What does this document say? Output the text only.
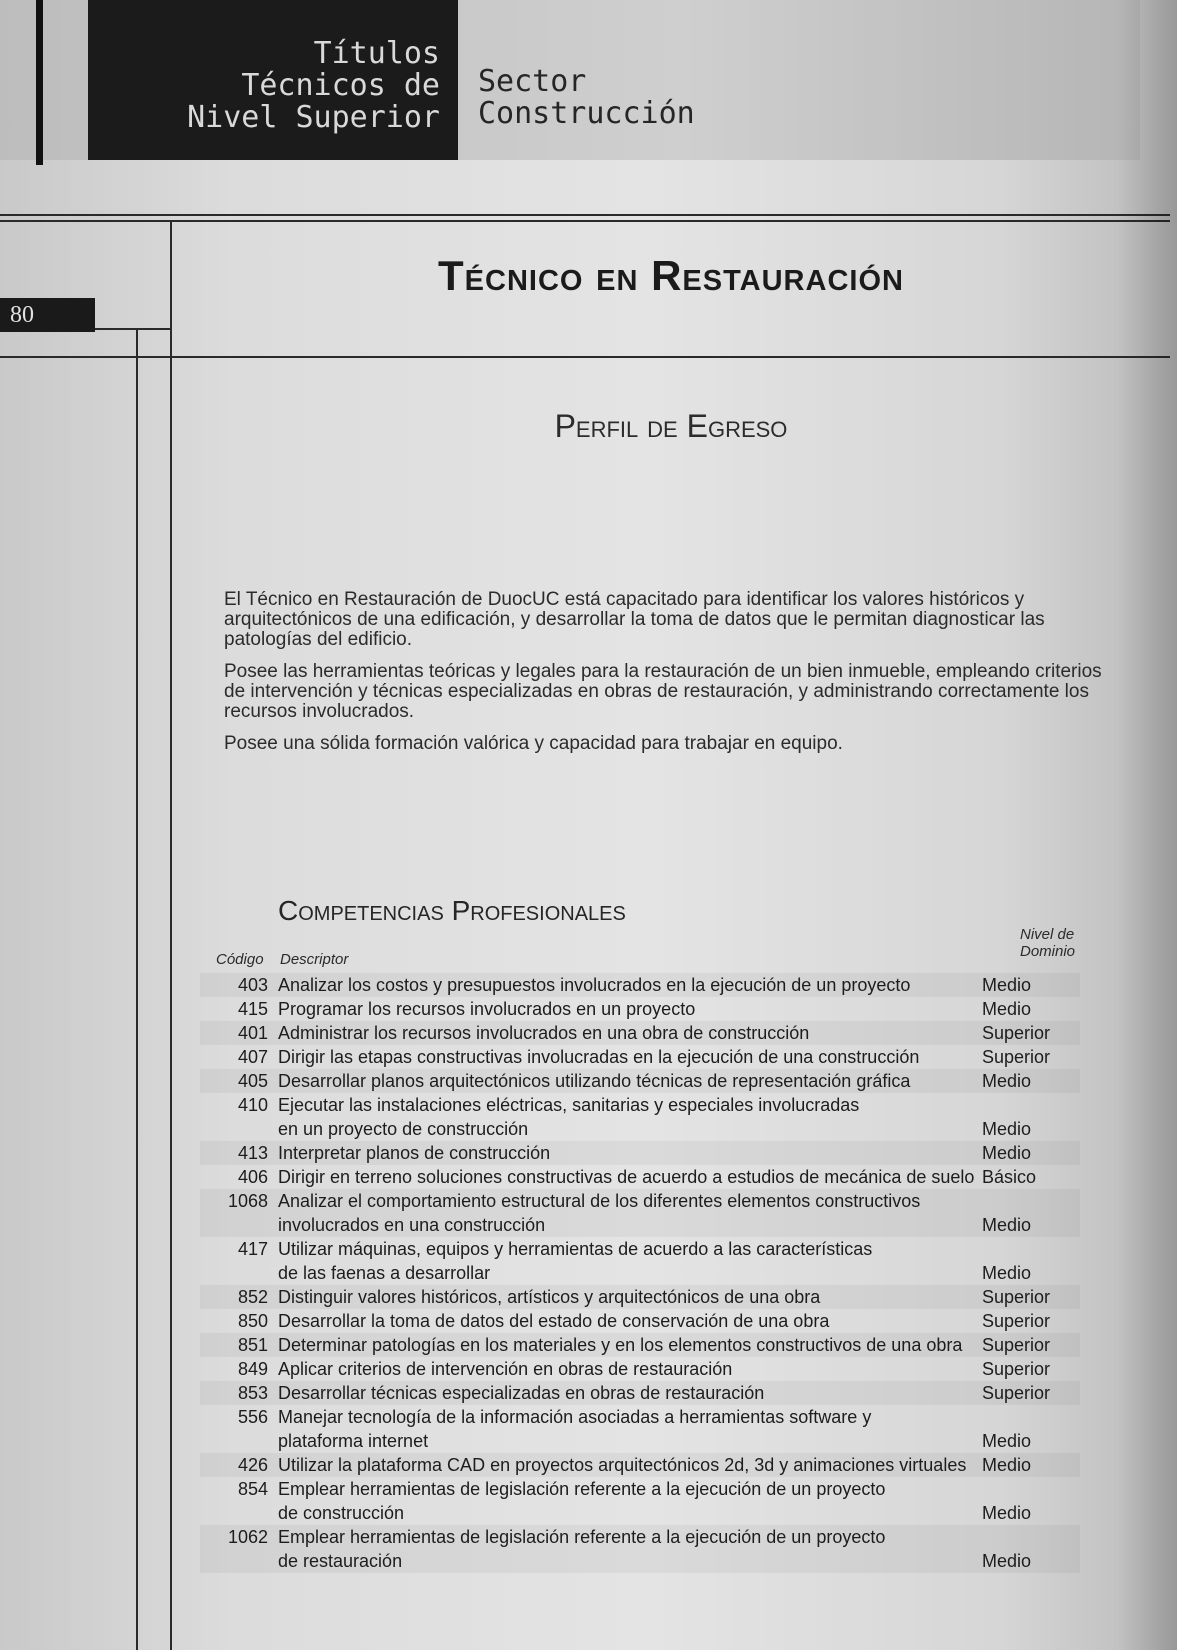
Títulos
Técnicos de
Nivel Superior
Sector
Construcción
80
Técnico en Restauración
Perfil de Egreso

El Técnico en Restauración de DuocUC está capacitado para identificar los valores históricos y arquitectónicos de una edificación, y desarrollar la toma de datos que le permitan diagnosticar las patologías del edificio.

Posee las herramientas teóricas y legales para la restauración de un bien inmueble, empleando criterios de intervención y técnicas especializadas en obras de restauración, y administrando correctamente los recursos involucrados.

Posee una sólida formación valórica y capacidad para trabajar en equipo.

Competencias Profesionales
Código Descriptor
Nivel de
Dominio
403 Analizar los costos y presupuestos involucrados en la ejecución de un proyecto	Medio
415 Programar los recursos involucrados en un proyecto	Medio
401 Administrar los recursos involucrados en una obra de construcción	Superior
407 Dirigir las etapas constructivas involucradas en la ejecución de una construcción	Superior
405 Desarrollar planos arquitectónicos utilizando técnicas de representación gráfica	Medio
410 Ejecutar las instalaciones eléctricas, sanitarias y especiales involucradas
en un proyecto de construcción	Medio
413 Interpretar planos de construcción	Medio
406 Dirigir en terreno soluciones constructivas de acuerdo a estudios de mecánica de suelo Básico
1068 Analizar el comportamiento estructural de los diferentes elementos constructivos
involucrados en una construcción	Medio
417 Utilizar máquinas, equipos y herramientas de acuerdo a las características
de las faenas a desarrollar	Medio
852 Distinguir valores históricos, artísticos y arquitectónicos de una obra	Superior
850 Desarrollar la toma de datos del estado de conservación de una obra	Superior
851 Determinar patologías en los materiales y en los elementos constructivos de una obra	Superior
849 Aplicar criterios de intervención en obras de restauración	Superior
853 Desarrollar técnicas especializadas en obras de restauración	Superior
556 Manejar tecnología de la información asociadas a herramientas software y
plataforma internet	Medio
426 Utilizar la plataforma CAD en proyectos arquitectónicos 2d, 3d y animaciones virtuales Medio
854 Emplear herramientas de legislación referente a la ejecución de un proyecto
de construcción	Medio
1062 Emplear herramientas de legislación referente a la ejecución de un proyecto
de restauración	Medio
